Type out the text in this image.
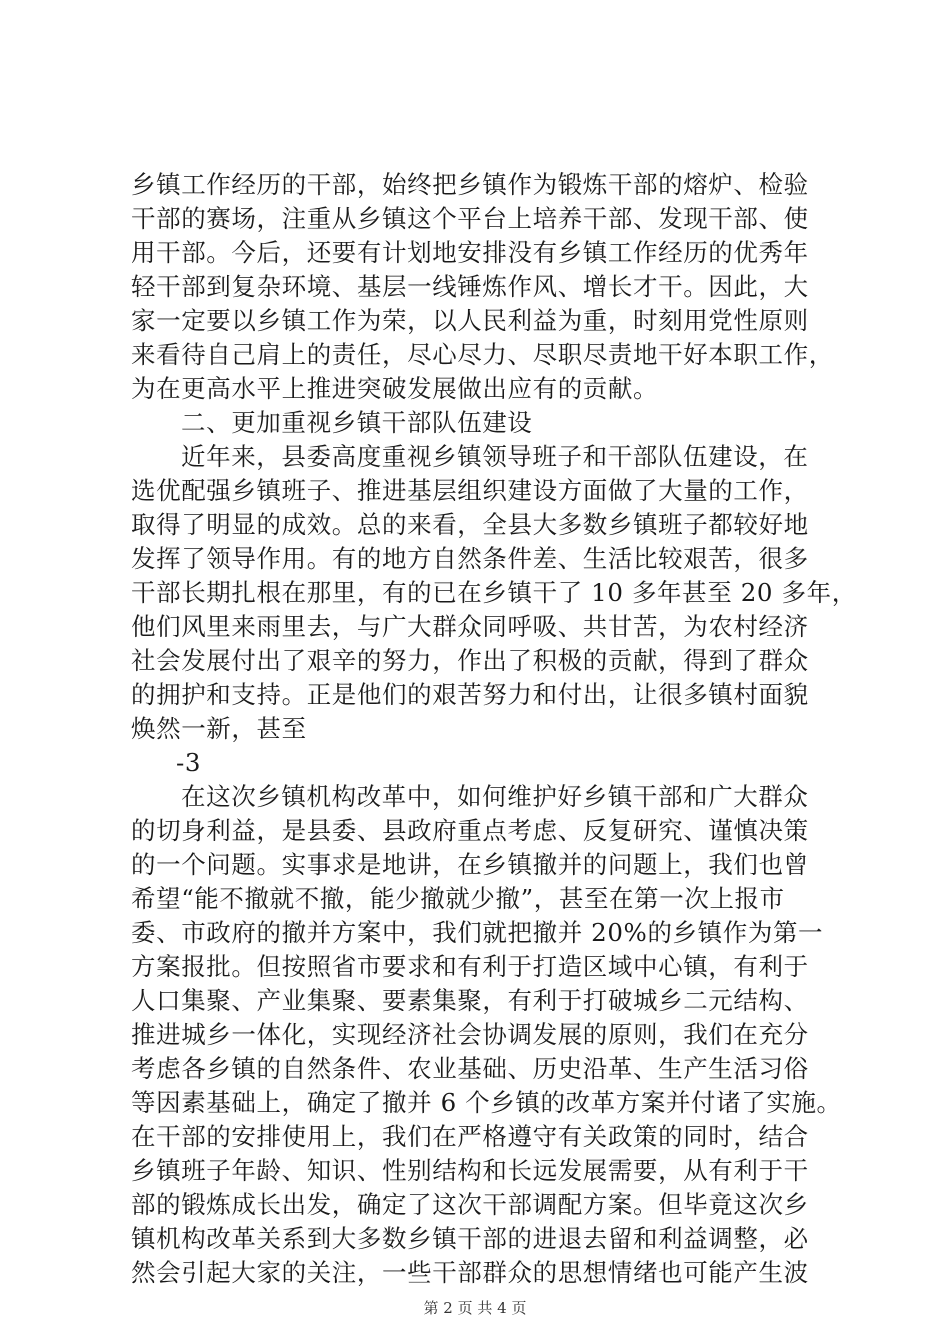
乡镇工作经历的干部，始终把乡镇作为锻炼干部的熔炉、检验
干部的赛场，注重从乡镇这个平台上培养干部、发现干部、使
用干部。今后，还要有计划地安排没有乡镇工作经历的优秀年
轻干部到复杂环境、基层一线锤炼作风、增长才干。因此，大
家一定要以乡镇工作为荣，以人民利益为重，时刻用党性原则
来看待自己肩上的责任，尽心尽力、尽职尽责地干好本职工作，
为在更高水平上推进突破发展做出应有的贡献。
二、更加重视乡镇干部队伍建设
近年来，县委高度重视乡镇领导班子和干部队伍建设，在
选优配强乡镇班子、推进基层组织建设方面做了大量的工作，
取得了明显的成效。总的来看，全县大多数乡镇班子都较好地
发挥了领导作用。有的地方自然条件差、生活比较艰苦，很多
干部长期扎根在那里，有的已在乡镇干了 10 多年甚至 20 多年，
他们风里来雨里去，与广大群众同呼吸、共甘苦，为农村经济
社会发展付出了艰辛的努力，作出了积极的贡献，得到了群众
的拥护和支持。正是他们的艰苦努力和付出，让很多镇村面貌
焕然一新，甚至
-3
在这次乡镇机构改革中，如何维护好乡镇干部和广大群众
的切身利益，是县委、县政府重点考虑、反复研究、谨慎决策
的一个问题。实事求是地讲，在乡镇撤并的问题上，我们也曾
希望“能不撤就不撤，能少撤就少撤”，甚至在第一次上报市
委、市政府的撤并方案中，我们就把撤并 20%的乡镇作为第一
方案报批。但按照省市要求和有利于打造区域中心镇，有利于
人口集聚、产业集聚、要素集聚，有利于打破城乡二元结构、
推进城乡一体化，实现经济社会协调发展的原则，我们在充分
考虑各乡镇的自然条件、农业基础、历史沿革、生产生活习俗
等因素基础上，确定了撤并 6 个乡镇的改革方案并付诸了实施。
在干部的安排使用上，我们在严格遵守有关政策的同时，结合
乡镇班子年龄、知识、性别结构和长远发展需要，从有利于干
部的锻炼成长出发，确定了这次干部调配方案。但毕竟这次乡
镇机构改革关系到大多数乡镇干部的进退去留和利益调整，必
然会引起大家的关注，一些干部群众的思想情绪也可能产生波
第 2 页 共 4 页
